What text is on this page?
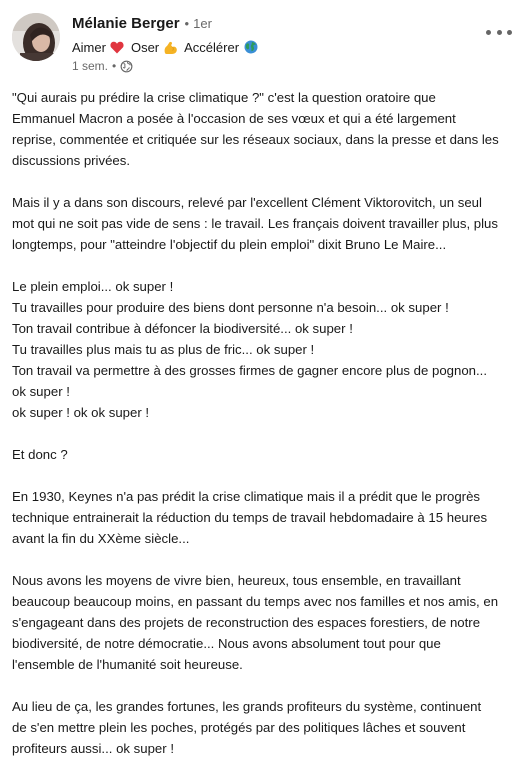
Mélanie Berger • 1er
Aimer Oser Accélérer
1 sem. •

"Qui aurais pu prédire la crise climatique ?" c'est la question oratoire que
Emmanuel Macron a posée à l'occasion de ses vœux et qui a été largement
reprise, commentée et critiquée sur les réseaux sociaux, dans la presse et dans les
discussions privées.

Mais il y a dans son discours, relevé par l'excellent Clément Viktorovitch, un seul
mot qui ne soit pas vide de sens : le travail. Les français doivent travailler plus, plus
longtemps, pour "atteindre l'objectif du plein emploi" dixit Bruno Le Maire...

Le plein emploi... ok super !
Tu travailles pour produire des biens dont personne n'a besoin... ok super !
Ton travail contribue à défoncer la biodiversité... ok super !
Tu travailles plus mais tu as plus de fric... ok super !
Ton travail va permettre à des grosses firmes de gagner encore plus de pognon...
ok super !
ok super ! ok ok super !

Et donc ?

En 1930, Keynes n'a pas prédit la crise climatique mais il a prédit que le progrès
technique entrainerait la réduction du temps de travail hebdomadaire à 15 heures
avant la fin du XXème siècle...

Nous avons les moyens de vivre bien, heureux, tous ensemble, en travaillant
beaucoup beaucoup moins, en passant du temps avec nos familles et nos amis, en
s'engageant dans des projets de reconstruction des espaces forestiers, de notre
biodiversité, de notre démocratie... Nous avons absolument tout pour que
l'ensemble de l'humanité soit heureuse.

Au lieu de ça, les grandes fortunes, les grands profiteurs du système, continuent
de s'en mettre plein les poches, protégés par des politiques lâches et souvent
profiteurs aussi... ok super !
